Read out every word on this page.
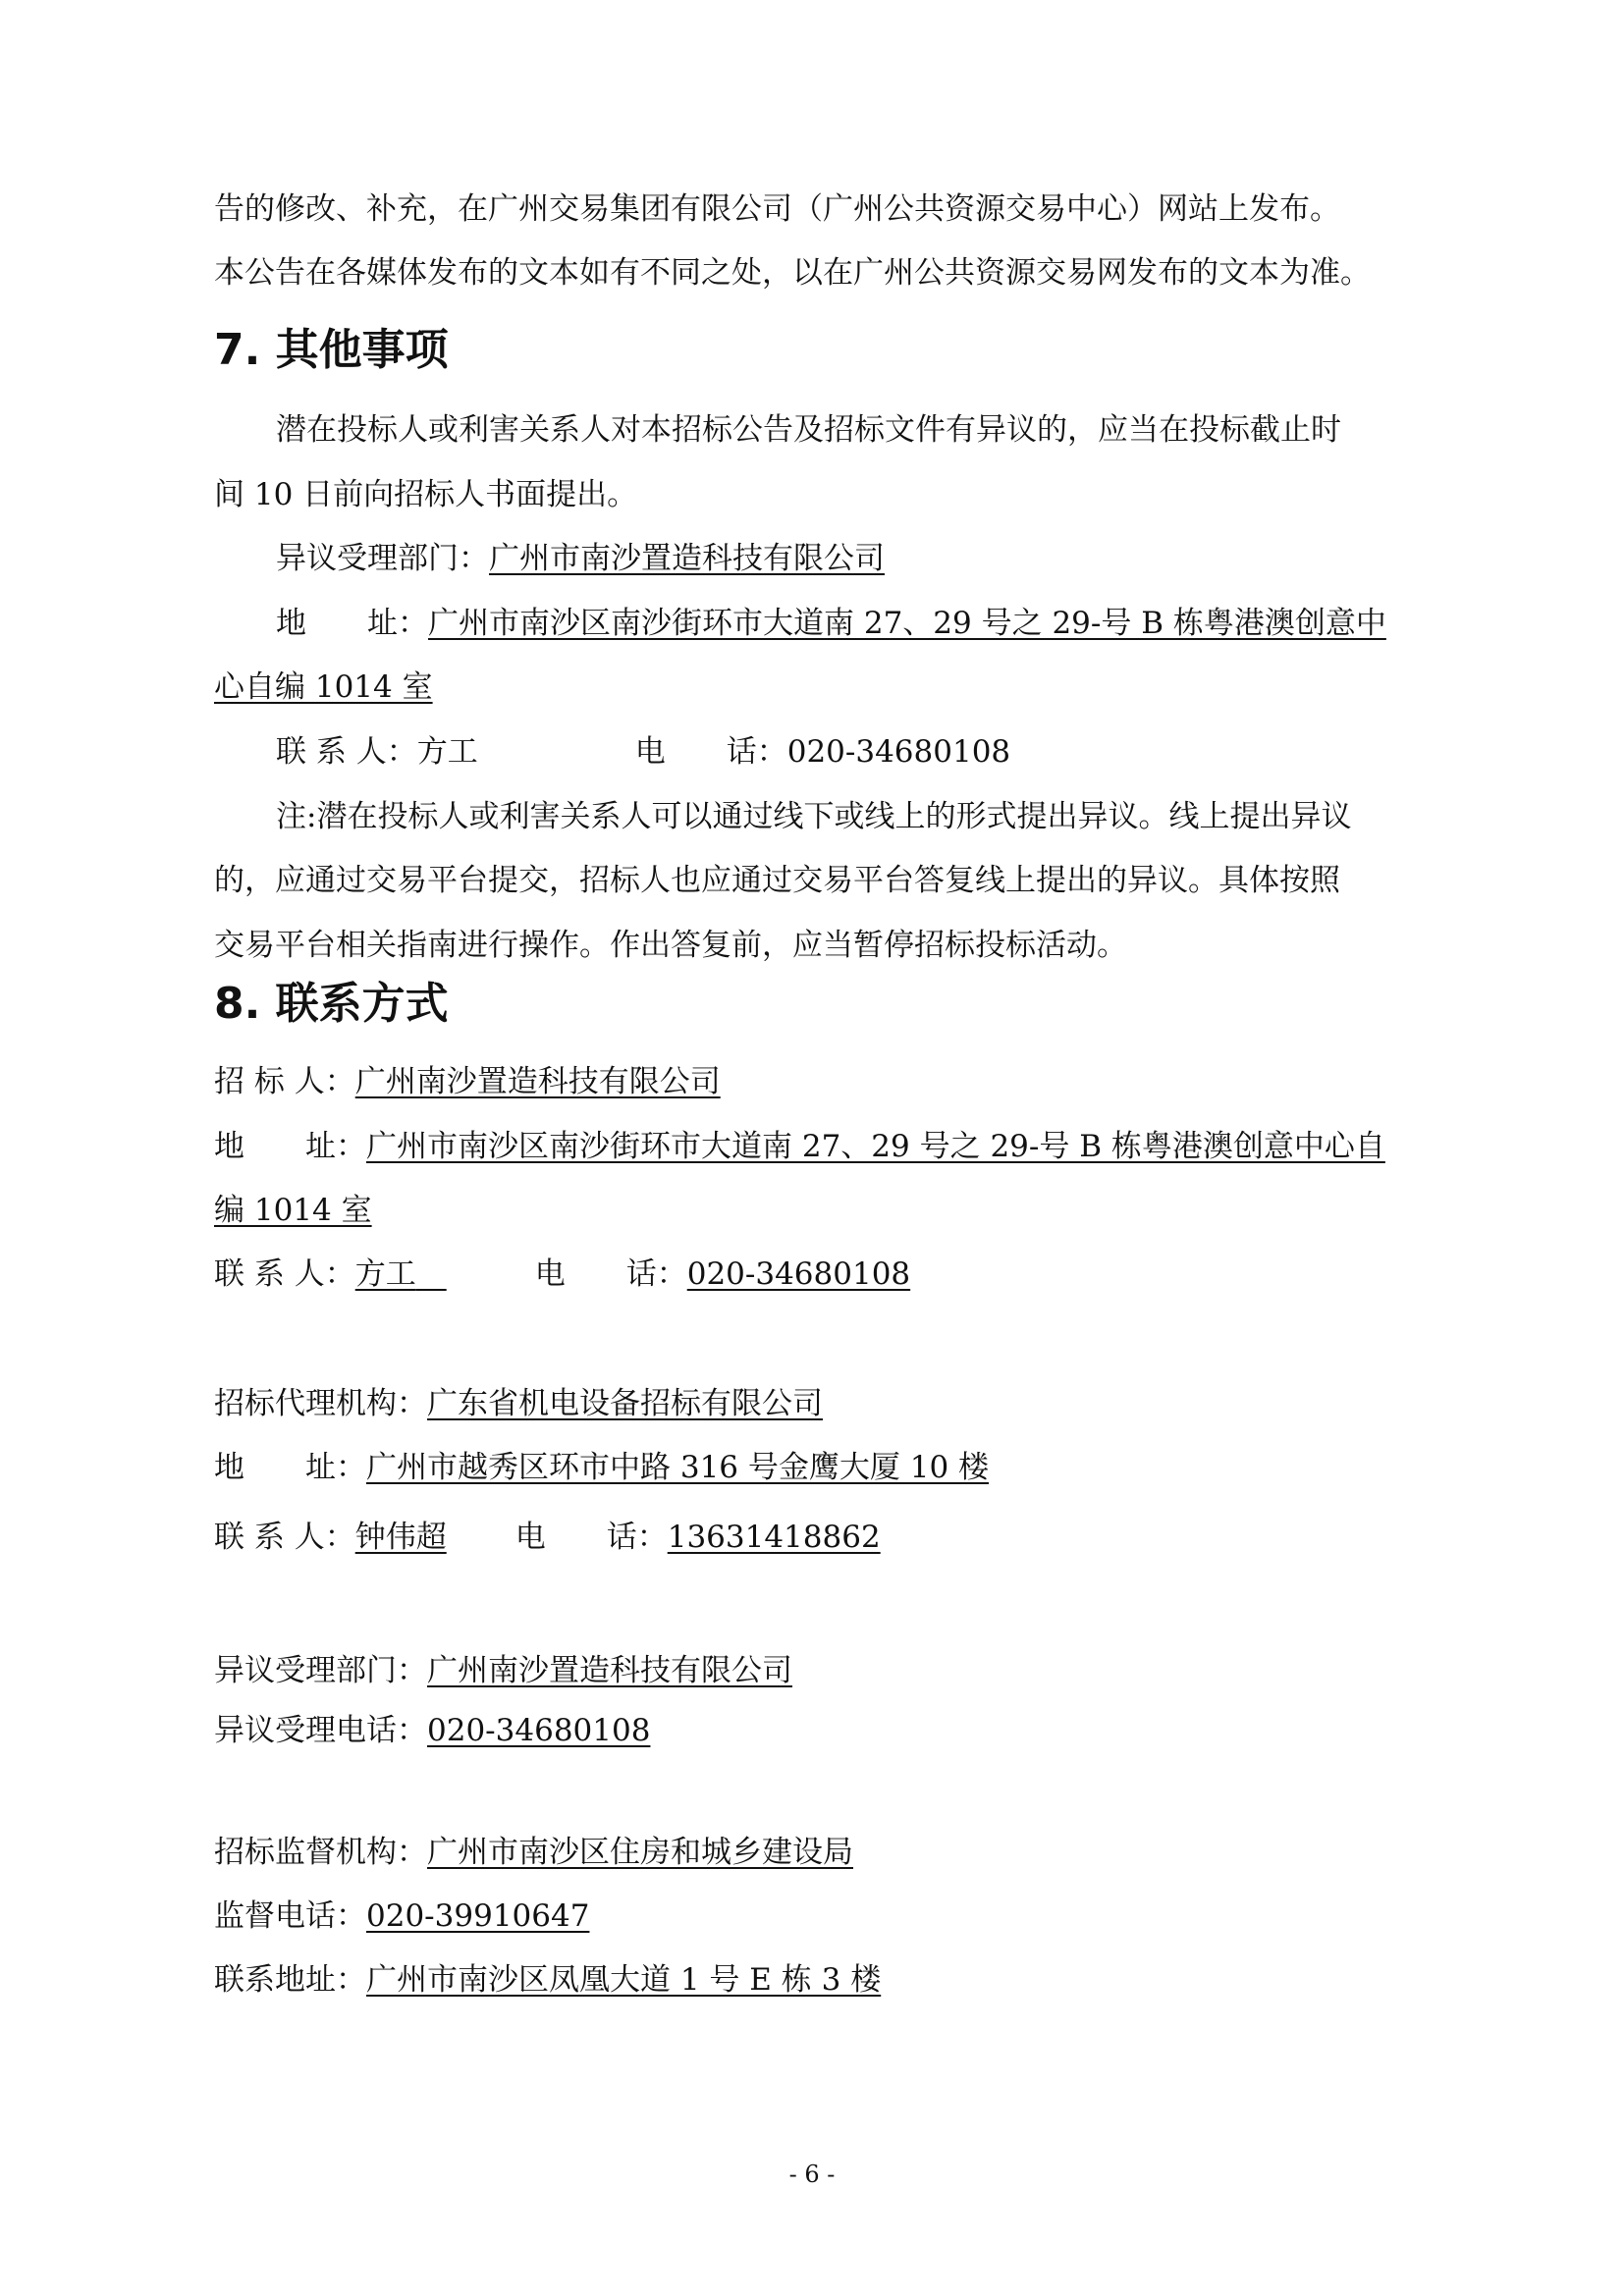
告的修改、补充，在广州交易集团有限公司（广州公共资源交易中心）网站上发布。
本公告在各媒体发布的文本如有不同之处，以在广州公共资源交易网发布的文本为准。
7. 其他事项
潜在投标人或利害关系人对本招标公告及招标文件有异议的，应当在投标截止时
间 10 日前向招标人书面提出。
异议受理部门：广州市南沙置造科技有限公司
地　　址：广州市南沙区南沙街环市大道南 27、29 号之 29-号 B 栋粤港澳创意中
心自编 1014 室
联 系 人：方工	电　　话：020-34680108
注:潜在投标人或利害关系人可以通过线下或线上的形式提出异议。线上提出异议
的，应通过交易平台提交，招标人也应通过交易平台答复线上提出的异议。具体按照
交易平台相关指南进行操作。作出答复前，应当暂停招标投标活动。
8. 联系方式
招 标 人：广州南沙置造科技有限公司
地　　址：广州市南沙区南沙街环市大道南 27、29 号之 29-号 B 栋粤港澳创意中心自
编 1014 室
联 系 人：方工　	电　　话：020-34680108
招标代理机构：广东省机电设备招标有限公司
地　　址：广州市越秀区环市中路 316 号金鹰大厦 10 楼
联 系 人：钟伟超 电　　话：13631418862
异议受理部门：广州南沙置造科技有限公司
异议受理电话：020-34680108
招标监督机构：广州市南沙区住房和城乡建设局
监督电话：020-39910647
联系地址：广州市南沙区凤凰大道 1 号 E 栋 3 楼
- 6 -
